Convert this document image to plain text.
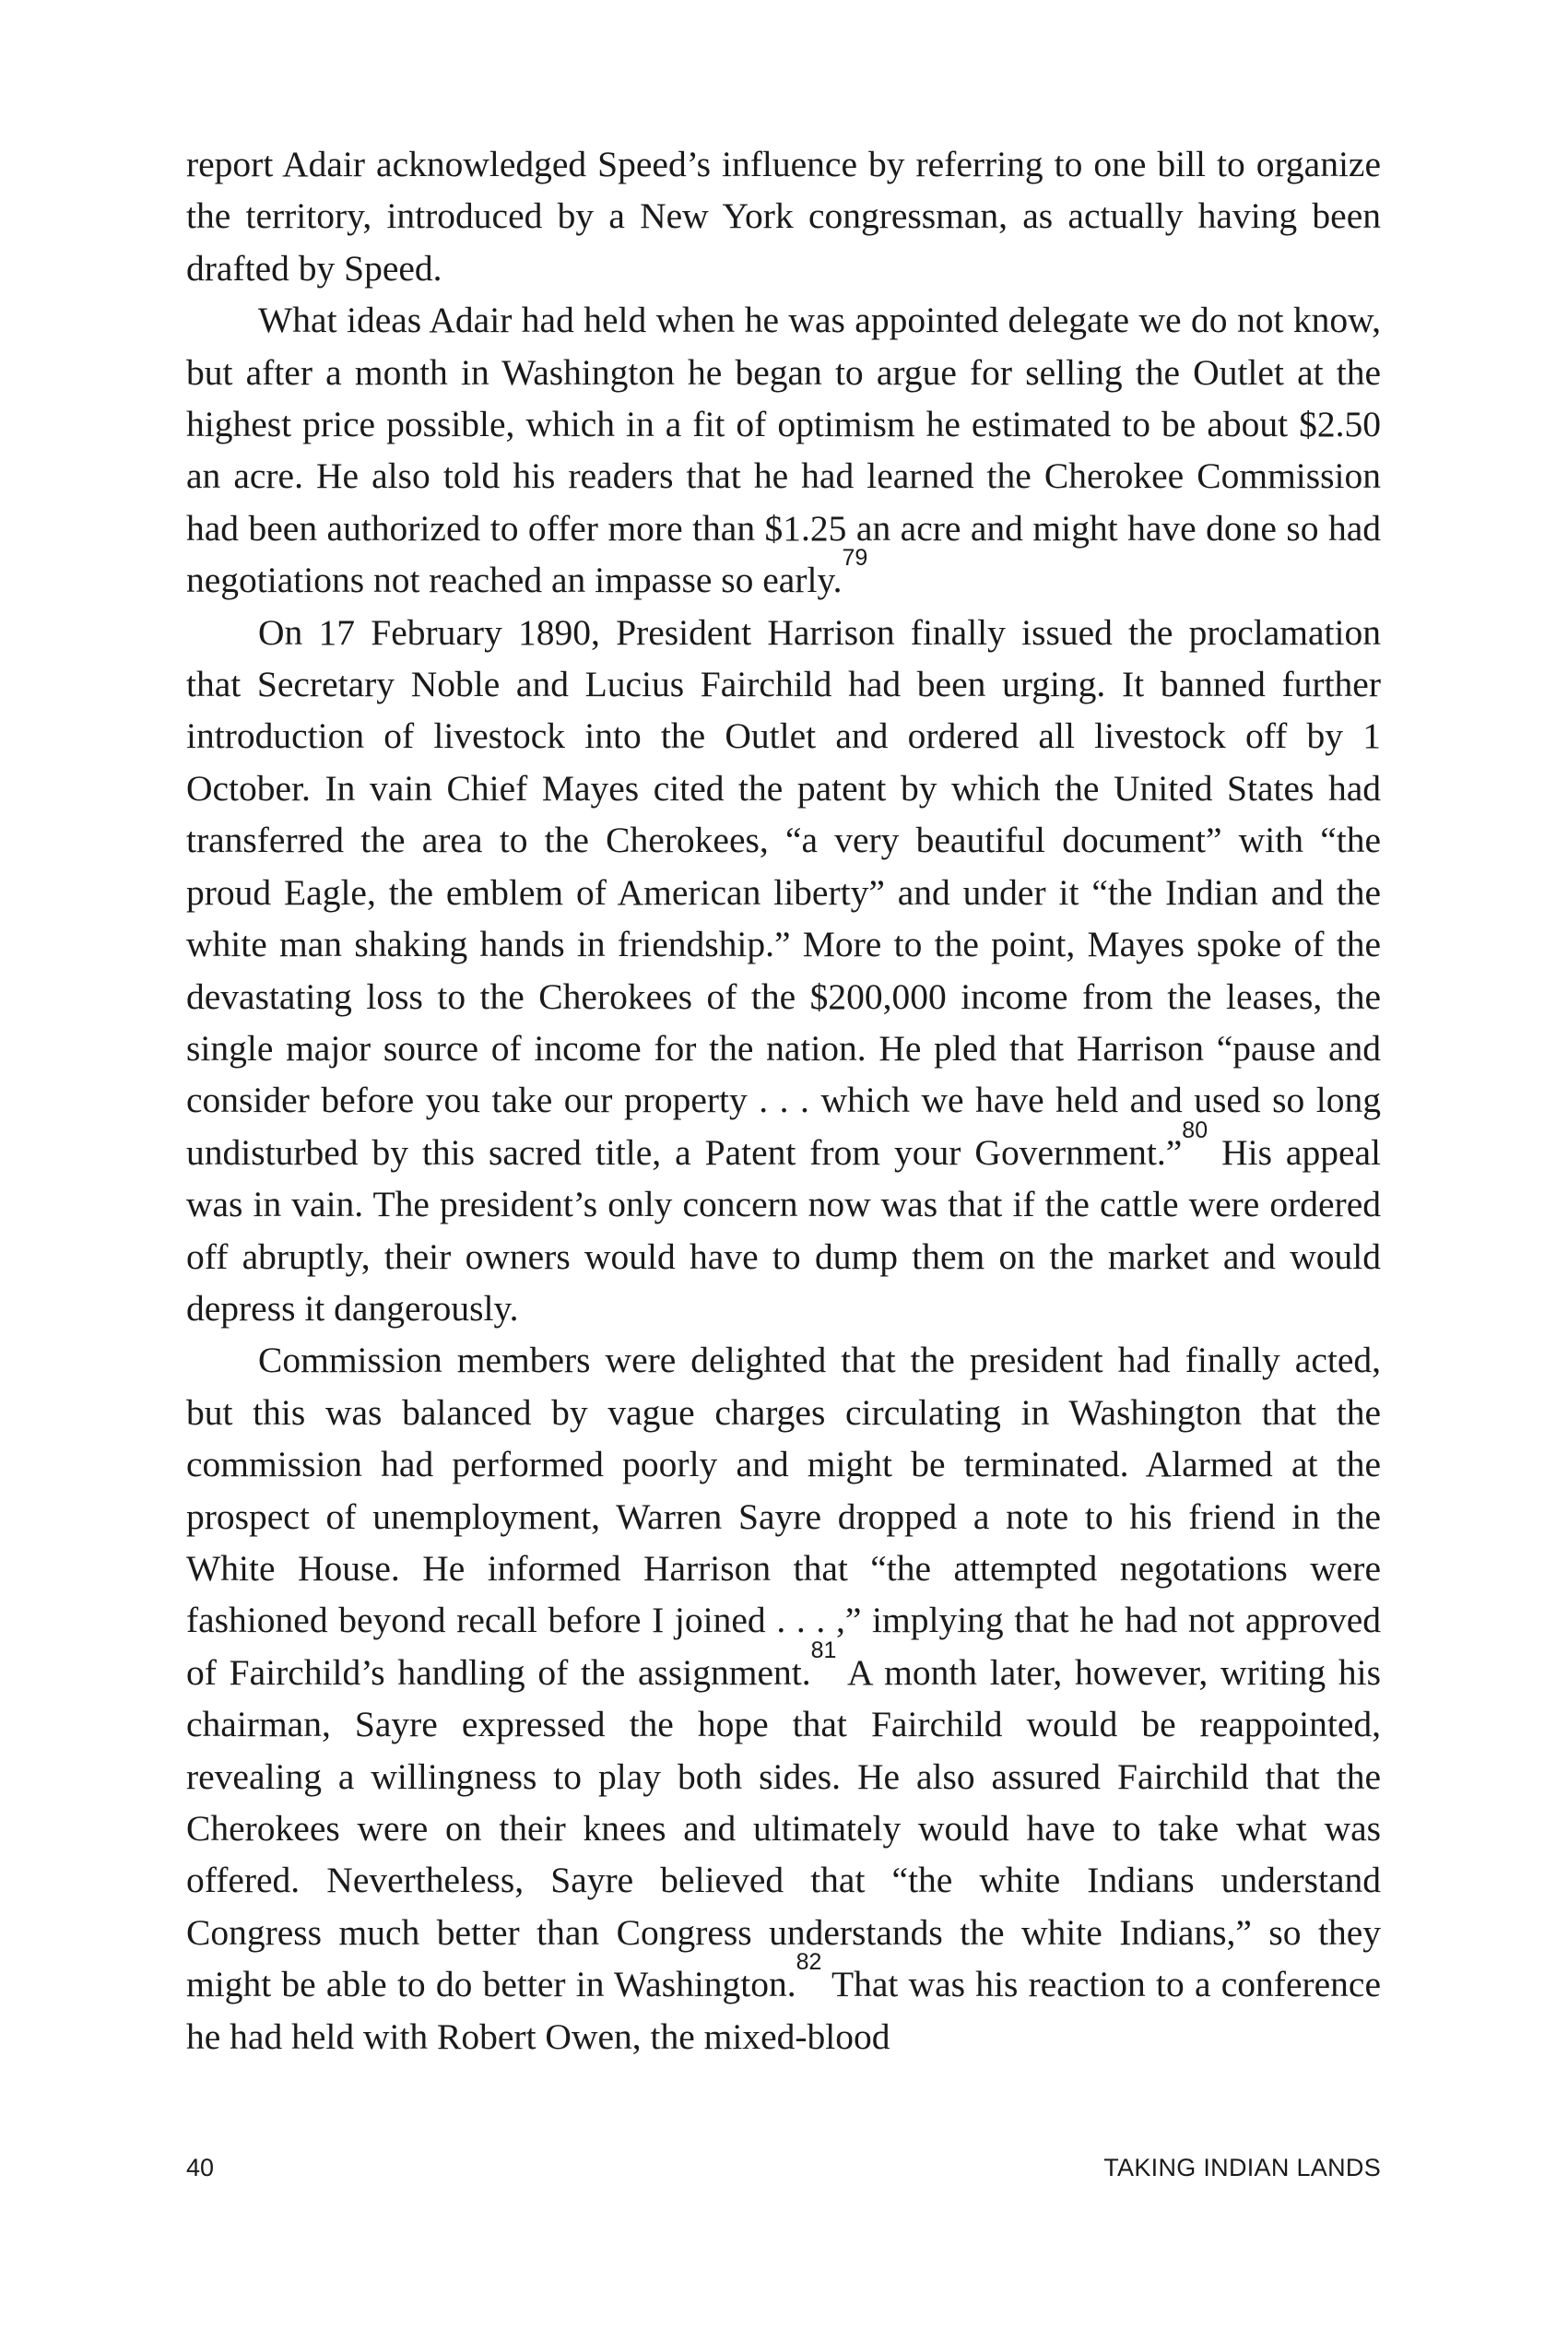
report Adair acknowledged Speed’s influence by referring to one bill to organize the territory, introduced by a New York congressman, as actually having been drafted by Speed.

What ideas Adair had held when he was appointed delegate we do not know, but after a month in Washington he began to argue for selling the Outlet at the highest price possible, which in a fit of optimism he estimated to be about $2.50 an acre. He also told his readers that he had learned the Cherokee Commission had been authorized to offer more than $1.25 an acre and might have done so had negotiations not reached an impasse so early.$^{79}$

On 17 February 1890, President Harrison finally issued the proclamation that Secretary Noble and Lucius Fairchild had been urging. It banned further introduction of livestock into the Outlet and ordered all livestock off by 1 October. In vain Chief Mayes cited the patent by which the United States had transferred the area to the Cherokees, “a very beautiful document” with “the proud Eagle, the emblem of American liberty” and under it “the Indian and the white man shaking hands in friendship.” More to the point, Mayes spoke of the devastating loss to the Cherokees of the $200,000 income from the leases, the single major source of income for the nation. He pled that Harrison “pause and consider before you take our property . . . which we have held and used so long undisturbed by this sacred title, a Patent from your Government.”$^{80}$ His appeal was in vain. The president’s only concern now was that if the cattle were ordered off abruptly, their owners would have to dump them on the market and would depress it dangerously.

Commission members were delighted that the president had finally acted, but this was balanced by vague charges circulating in Washington that the commission had performed poorly and might be terminated. Alarmed at the prospect of unemployment, Warren Sayre dropped a note to his friend in the White House. He informed Harrison that “the attempted negotations were fashioned beyond recall before I joined . . . ,” implying that he had not approved of Fairchild’s handling of the assignment.$^{81}$ A month later, however, writing his chairman, Sayre expressed the hope that Fairchild would be reappointed, revealing a willingness to play both sides. He also assured Fairchild that the Cherokees were on their knees and ultimately would have to take what was offered. Nevertheless, Sayre believed that “the white Indians understand Congress much better than Congress understands the white Indians,” so they might be able to do better in Washington.$^{82}$ That was his reaction to a conference he had held with Robert Owen, the mixed-blood

40	TAKING INDIAN LANDS
